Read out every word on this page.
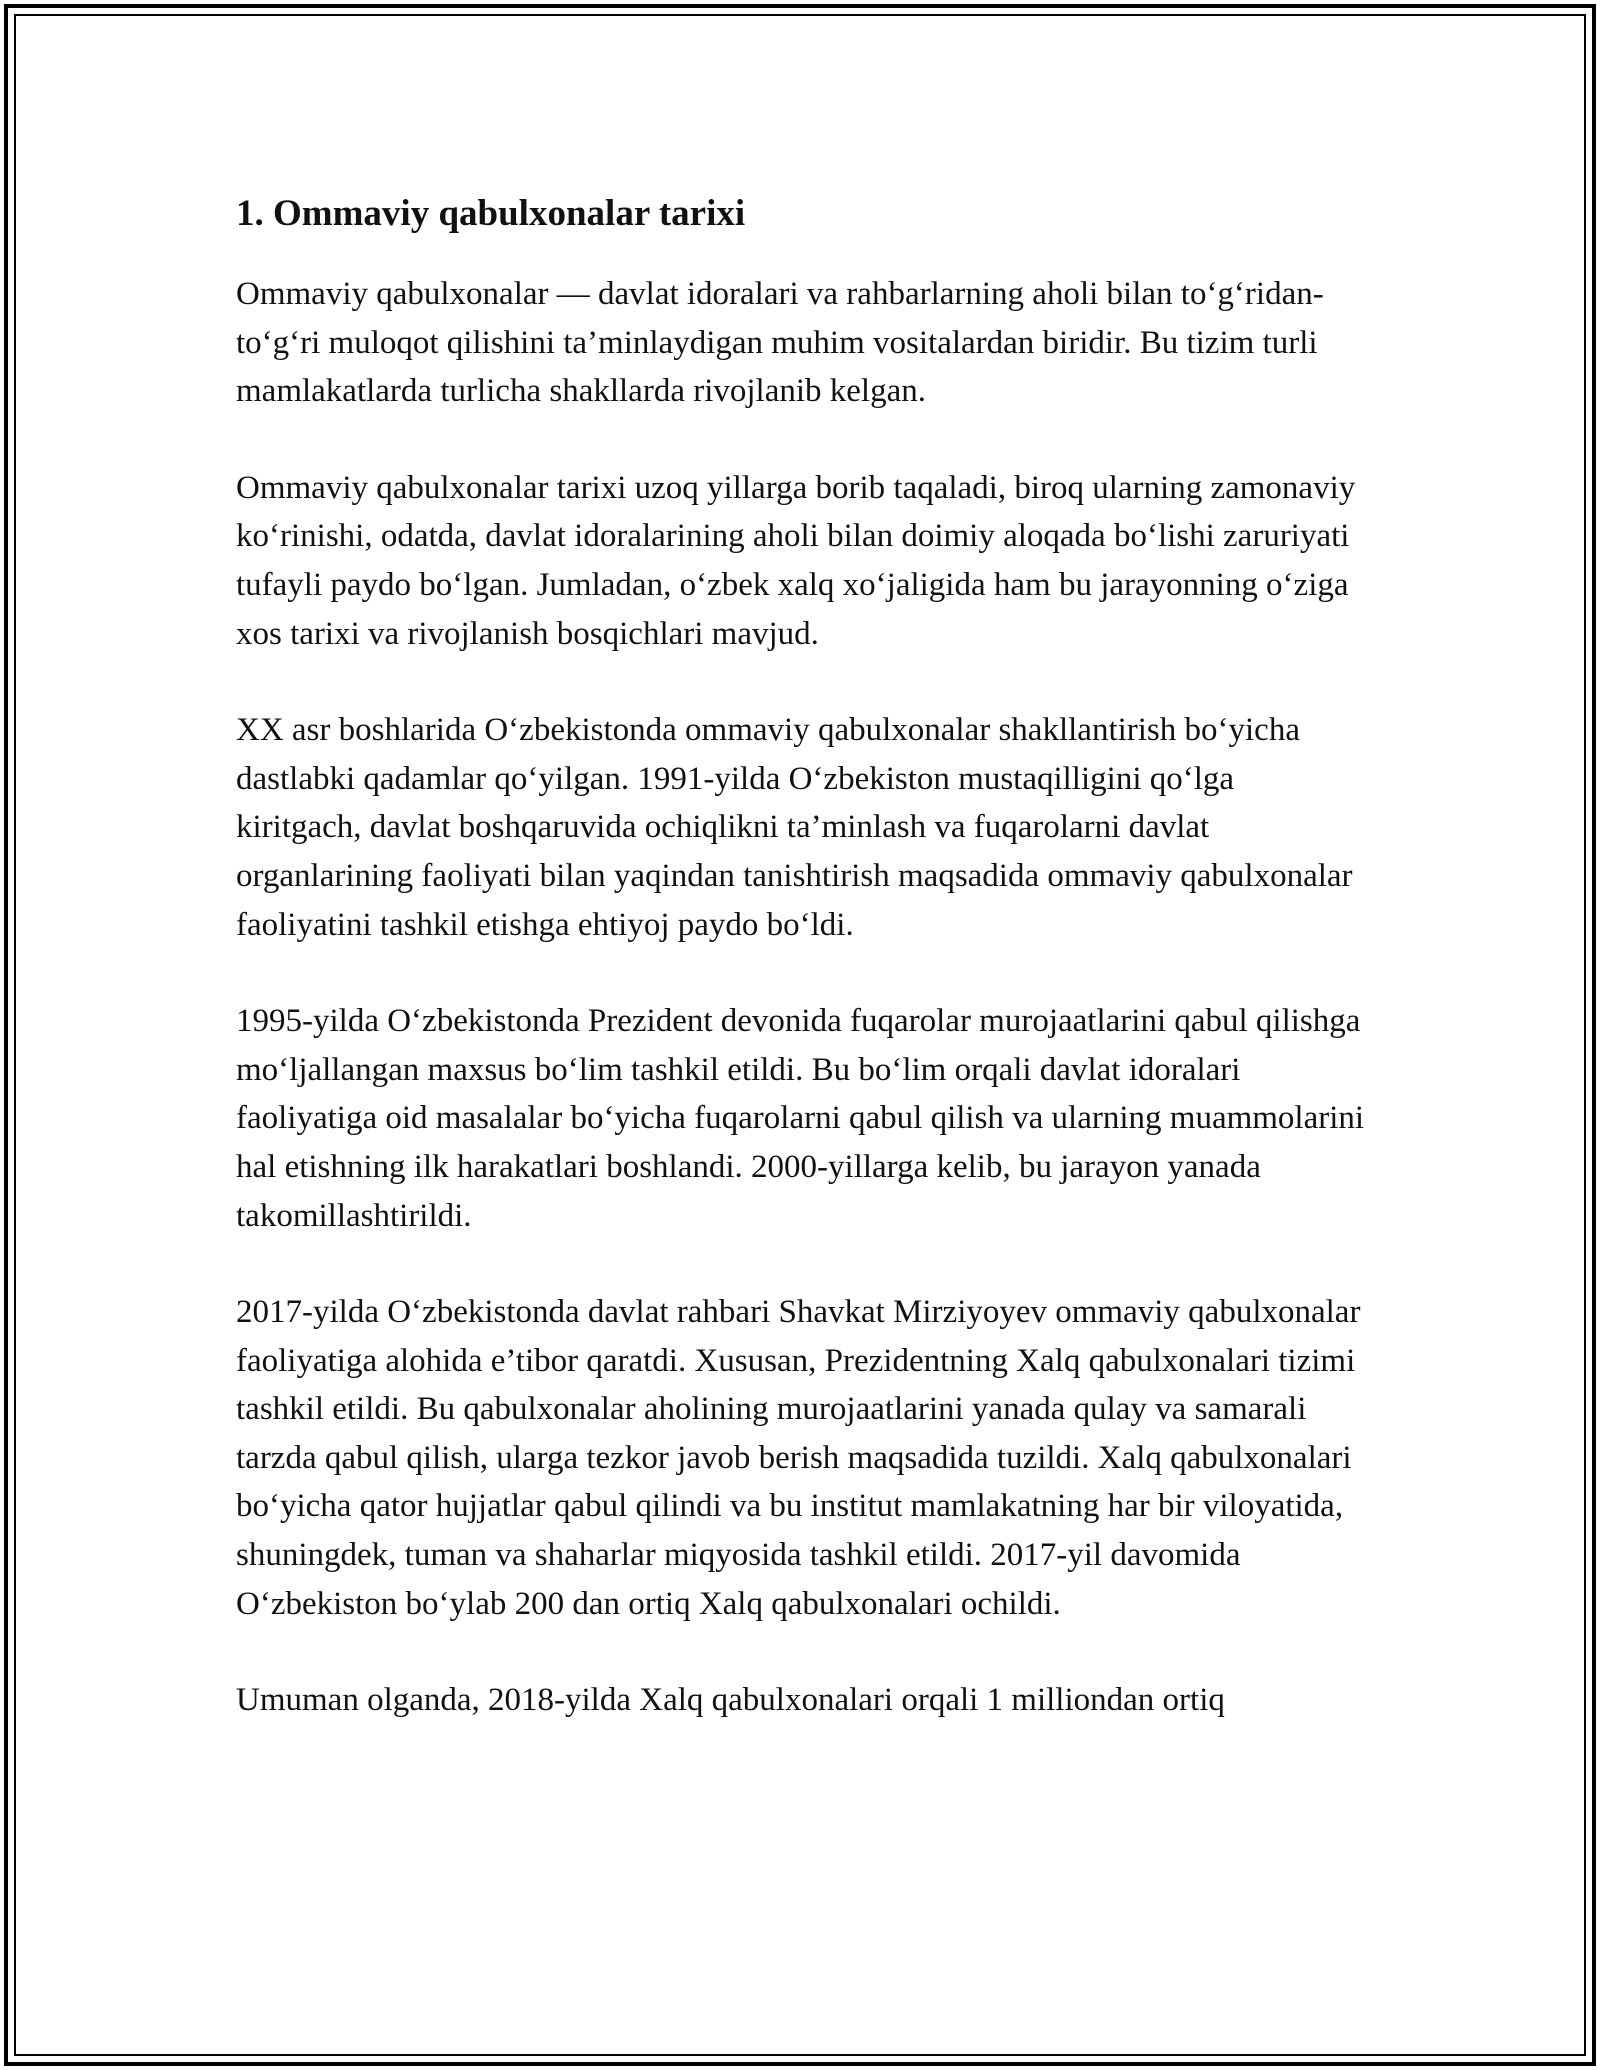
1. Ommaviy qabulxonalar tarixi

Ommaviy qabulxonalar — davlat idoralari va rahbarlarning aholi bilan to‘g‘ridan-to‘g‘ri muloqot qilishini ta’minlaydigan muhim vositalardan biridir. Bu tizim turli mamlakatlarda turlicha shakllarda rivojlanib kelgan.

Ommaviy qabulxonalar tarixi uzoq yillarga borib taqaladi, biroq ularning zamonaviy ko‘rinishi, odatda, davlat idoralarining aholi bilan doimiy aloqada bo‘lishi zaruriyati tufayli paydo bo‘lgan. Jumladan, o‘zbek xalq xo‘jaligida ham bu jarayonning o‘ziga xos tarixi va rivojlanish bosqichlari mavjud.

XX asr boshlarida O‘zbekistonda ommaviy qabulxonalar shakllantirish bo‘yicha dastlabki qadamlar qo‘yilgan. 1991-yilda O‘zbekiston mustaqilligini qo‘lga kiritgach, davlat boshqaruvida ochiqlikni ta’minlash va fuqarolarni davlat organlarining faoliyati bilan yaqindan tanishtirish maqsadida ommaviy qabulxonalar faoliyatini tashkil etishga ehtiyoj paydo bo‘ldi.

1995-yilda O‘zbekistonda Prezident devonida fuqarolar murojaatlarini qabul qilishga mo‘ljallangan maxsus bo‘lim tashkil etildi. Bu bo‘lim orqali davlat idoralari faoliyatiga oid masalalar bo‘yicha fuqarolarni qabul qilish va ularning muammolarini hal etishning ilk harakatlari boshlandi. 2000-yillarga kelib, bu jarayon yanada takomillashtirildi.

2017-yilda O‘zbekistonda davlat rahbari Shavkat Mirziyoyev ommaviy qabulxonalar faoliyatiga alohida e’tibor qaratdi. Xususan, Prezidentning Xalq qabulxonalari tizimi tashkil etildi. Bu qabulxonalar aholining murojaatlarini yanada qulay va samarali tarzda qabul qilish, ularga tezkor javob berish maqsadida tuzildi. Xalq qabulxonalari bo‘yicha qator hujjatlar qabul qilindi va bu institut mamlakatning har bir viloyatida, shuningdek, tuman va shaharlar miqyosida tashkil etildi. 2017-yil davomida O‘zbekiston bo‘ylab 200 dan ortiq Xalq qabulxonalari ochildi.

Umuman olganda, 2018-yilda Xalq qabulxonalari orqali 1 milliondan ortiq
